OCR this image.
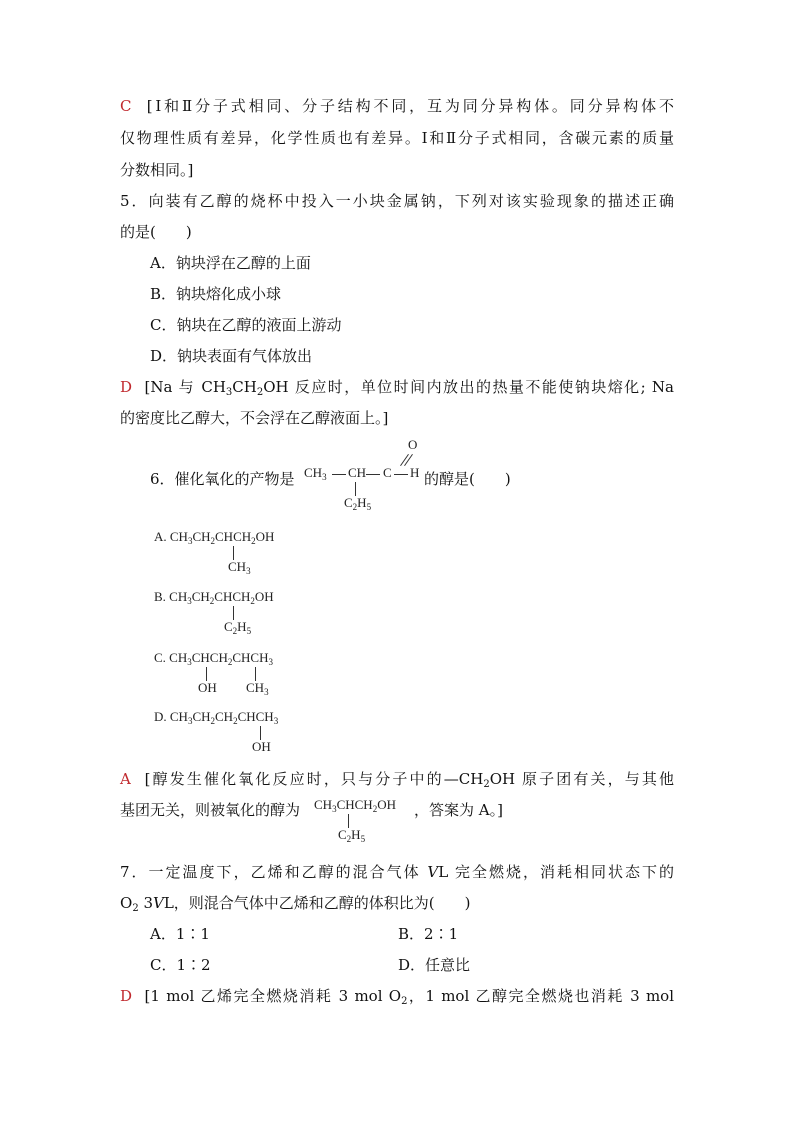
C [Ⅰ和Ⅱ分子式相同、分子结构不同，互为同分异构体。同分异构体不
仅物理性质有差异，化学性质也有差异。Ⅰ和Ⅱ分子式相同，含碳元素的质量
分数相同。]
5．向装有乙醇的烧杯中投入一小块金属钠，下列对该实验现象的描述正确
的是( )
A．钠块浮在乙醇的上面
B．钠块熔化成小球
C．钠块在乙醇的液面上游动
D．钠块表面有气体放出
D [Na 与 $CH_3CH_2OH$ 反应时，单位时间内放出的热量不能使钠块熔化; Na
的密度比乙醇大，不会浮在乙醇液面上。]
6．催化氧化的产物是
O
$CH_3$ CH C H
$C_2H_5$
的醇是( )
A. $CH_3CH_2CHCH_2OH$
$CH_3$
B. $CH_3CH_2CHCH_2OH$
$C_2H_5$
C. $CH_3CHCH_2CHCH_3$
OH $CH_3$
D. $CH_3CH_2CH_2CHCH_3$
OH
A [醇发生催化氧化反应时，只与分子中的$—CH_2OH$ 原子团有关，与其他
基团无关，则被氧化的醇为 $CH_3CHCH_2OH$
$C_2H_5$
，答案为 A。]
7．一定温度下，乙烯和乙醇的混合气体 VL 完全燃烧，消耗相同状态下的
$O_2$ 3VL，则混合气体中乙烯和乙醇的体积比为( )
A．1∶1	B．2∶1
C．1∶2	D．任意比
D [1 mol 乙烯完全燃烧消耗 3 mol $O_2$，1 mol 乙醇完全燃烧也消耗 3 mol
